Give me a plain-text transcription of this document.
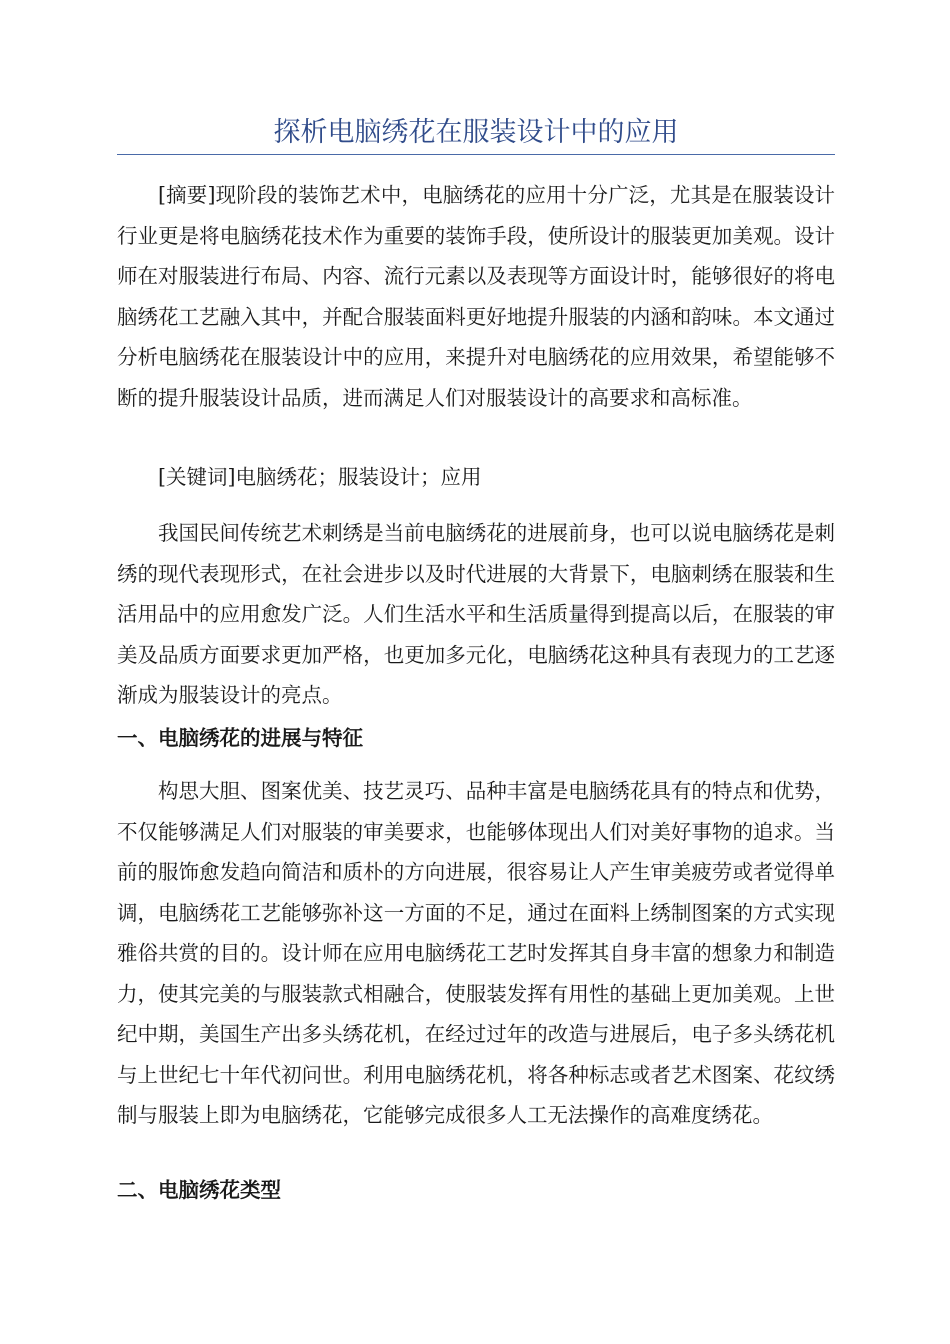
探析电脑绣花在服装设计中的应用

[摘要]现阶段的装饰艺术中，电脑绣花的应用十分广泛，尤其是在服装设计行业更是将电脑绣花技术作为重要的装饰手段，使所设计的服装更加美观。设计师在对服装进行布局、内容、流行元素以及表现等方面设计时，能够很好的将电脑绣花工艺融入其中，并配合服装面料更好地提升服装的内涵和韵味。本文通过分析电脑绣花在服装设计中的应用，来提升对电脑绣花的应用效果，希望能够不断的提升服装设计品质，进而满足人们对服装设计的高要求和高标准。

[关键词]电脑绣花；服装设计；应用

我国民间传统艺术刺绣是当前电脑绣花的进展前身，也可以说电脑绣花是刺绣的现代表现形式，在社会进步以及时代进展的大背景下，电脑刺绣在服装和生活用品中的应用愈发广泛。人们生活水平和生活质量得到提高以后，在服装的审美及品质方面要求更加严格，也更加多元化，电脑绣花这种具有表现力的工艺逐渐成为服装设计的亮点。

一、电脑绣花的进展与特征

构思大胆、图案优美、技艺灵巧、品种丰富是电脑绣花具有的特点和优势，不仅能够满足人们对服装的审美要求，也能够体现出人们对美好事物的追求。当前的服饰愈发趋向简洁和质朴的方向进展，很容易让人产生审美疲劳或者觉得单调，电脑绣花工艺能够弥补这一方面的不足，通过在面料上绣制图案的方式实现雅俗共赏的目的。设计师在应用电脑绣花工艺时发挥其自身丰富的想象力和制造力，使其完美的与服装款式相融合，使服装发挥有用性的基础上更加美观。上世纪中期，美国生产出多头绣花机，在经过过年的改造与进展后，电子多头绣花机与上世纪七十年代初问世。利用电脑绣花机，将各种标志或者艺术图案、花纹绣制与服装上即为电脑绣花，它能够完成很多人工无法操作的高难度绣花。

二、电脑绣花类型
